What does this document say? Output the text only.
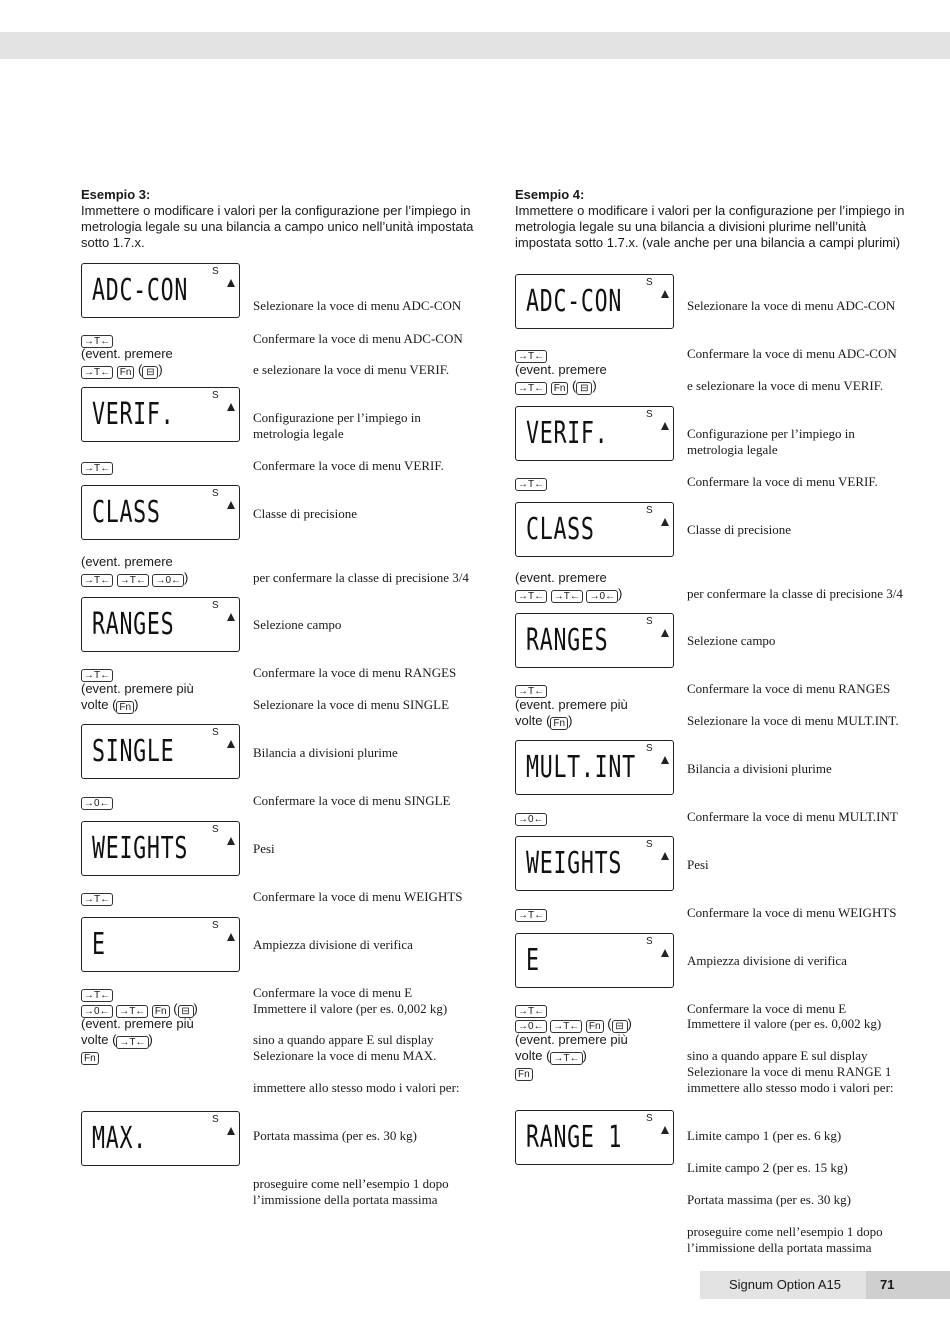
Esempio 3:
Immettere o modificare i valori per la configurazione per l’impiego in metrologia legale su una bilancia a campo unico nell’unità impostata sotto 1.7.x.
ADC-CON
S
VERIF.
S
CLASS
S
RANGES
S
SINGLE
S
WEIGHTS
S
E
S
MAX.
S
→T←
(event. premere
→T← Fn ( ⊟ )
→T←
(event. premere
→T← →T← →0← )
→T←
(event. premere più
volte ( Fn )
→0←
→T←
→T←
→0← →T← Fn ( ⊟ )
(event. premere più
volte ( →T← )
Fn
Selezionare la voce di menu ADC-CON
Confermare la voce di menu ADC-CON
e selezionare la voce di menu VERIF.
Configurazione per l’impiego in
metrologia legale
Confermare la voce di menu VERIF.
Classe di precisione
per confermare la classe di precisione 3/4
Selezione campo
Confermare la voce di menu RANGES
Selezionare la voce di menu SINGLE
Bilancia a divisioni plurime
Confermare la voce di menu SINGLE
Pesi
Confermare la voce di menu WEIGHTS
Ampiezza divisione di verifica
Confermare la voce di menu E
Immettere il valore (per es. 0,002 kg)
sino a quando appare E sul display
Selezionare la voce di menu MAX.
immettere allo stesso modo i valori per:
Portata massima (per es. 30 kg)
proseguire come nell’esempio 1 dopo
l’immissione della portata massima
Esempio 4:
Immettere o modificare i valori per la configurazione per l’impiego in metrologia legale su una bilancia a divisioni plurime nell’unità impostata sotto 1.7.x. (vale anche per una bilancia a campi plurimi)
ADC-CON
S
VERIF.
S
CLASS
S
RANGES
S
MULT.INT
S
WEIGHTS
S
E
S
RANGE 1
S
→T←
(event. premere
→T← Fn ( ⊟ )
→T←
(event. premere
→T← →T← →0← )
→T←
(event. premere più
volte ( Fn )
→0←
→T←
→T←
→0← →T← Fn ( ⊟ )
(event. premere più
volte ( →T← )
Fn
Selezionare la voce di menu ADC-CON
Confermare la voce di menu ADC-CON
e selezionare la voce di menu VERIF.
Configurazione per l’impiego in
metrologia legale
Confermare la voce di menu VERIF.
Classe di precisione
per confermare la classe di precisione 3/4
Selezione campo
Confermare la voce di menu RANGES
Selezionare la voce di menu MULT.INT.
Bilancia a divisioni plurime
Confermare la voce di menu MULT.INT
Pesi
Confermare la voce di menu WEIGHTS
Ampiezza divisione di verifica
Confermare la voce di menu E
Immettere il valore (per es. 0,002 kg)
sino a quando appare E sul display
Selezionare la voce di menu RANGE 1
immettere allo stesso modo i valori per:
Limite campo 1 (per es. 6 kg)
Limite campo 2 (per es. 15 kg)
Portata massima (per es. 30 kg)
proseguire come nell’esempio 1 dopo
l’immissione della portata massima
Signum Option A15	71
